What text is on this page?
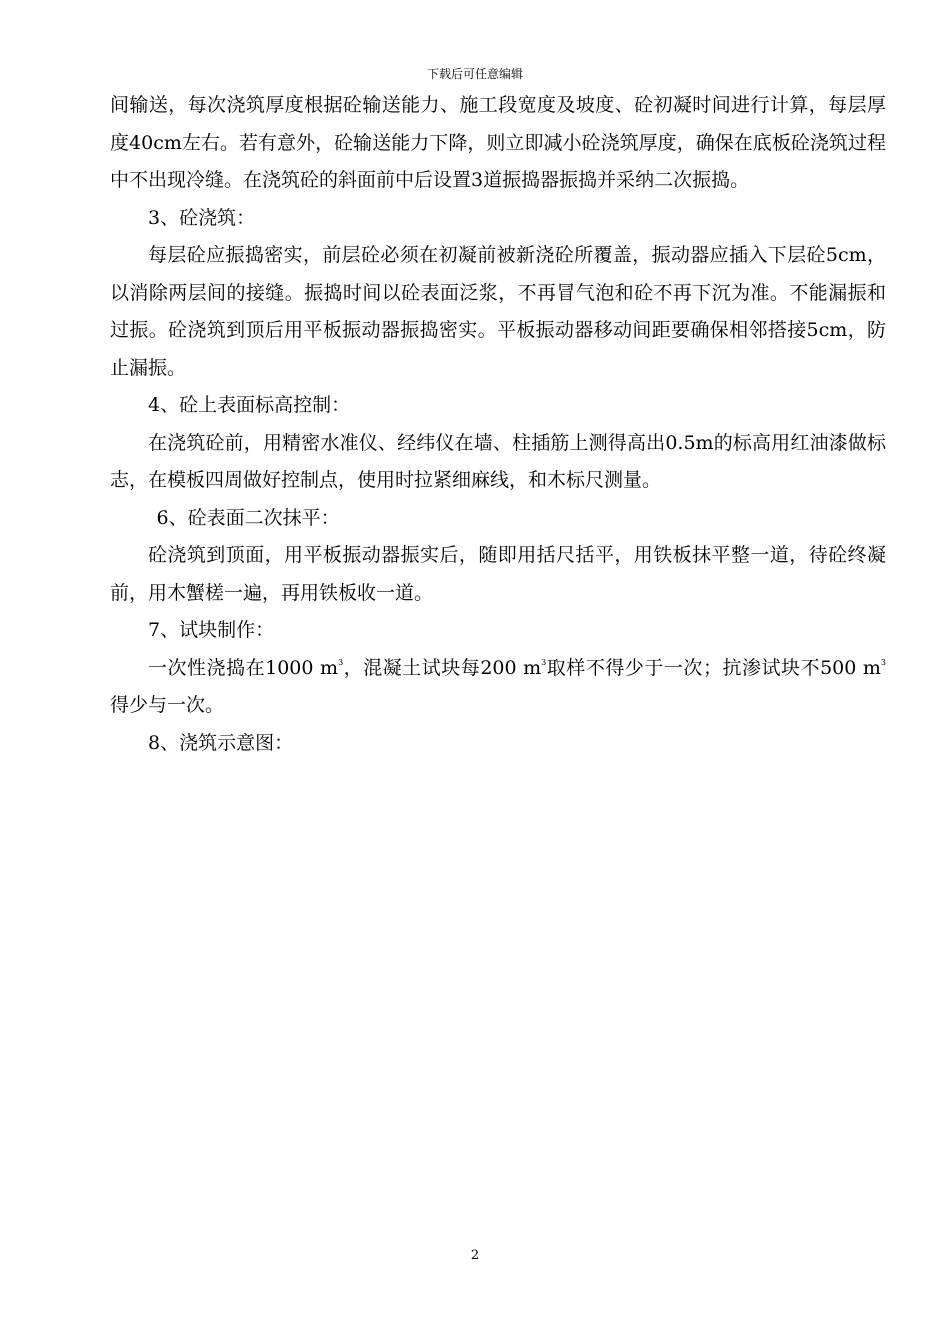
下载后可任意编辑

间输送，每次浇筑厚度根据砼输送能力、施工段宽度及坡度、砼初凝时间进行计算，每层厚度40cm左右。若有意外，砼输送能力下降，则立即减小砼浇筑厚度，确保在底板砼浇筑过程中不出现冷缝。在浇筑砼的斜面前中后设置3道振捣器振捣并采纳二次振捣。

3、砼浇筑：

每层砼应振捣密实，前层砼必须在初凝前被新浇砼所覆盖，振动器应插入下层砼5cm，以消除两层间的接缝。振捣时间以砼表面泛浆，不再冒气泡和砼不再下沉为准。不能漏振和过振。砼浇筑到顶后用平板振动器振捣密实。平板振动器移动间距要确保相邻搭接5cm，防止漏振。

4、砼上表面标高控制：

在浇筑砼前，用精密水准仪、经纬仪在墙、柱插筋上测得高出0.5m的标高用红油漆做标志，在模板四周做好控制点，使用时拉紧细麻线，和木标尺测量。

6、砼表面二次抹平：

砼浇筑到顶面，用平板振动器振实后，随即用括尺括平，用铁板抹平整一道，待砼终凝前，用木蟹槎一遍，再用铁板收一道。

7、试块制作：

一次性浇捣在1000 $m^3$，混凝土试块每200 $m^3$取样不得少于一次；抗渗试块不500 $m^3$得少与一次。

8、浇筑示意图：

2
